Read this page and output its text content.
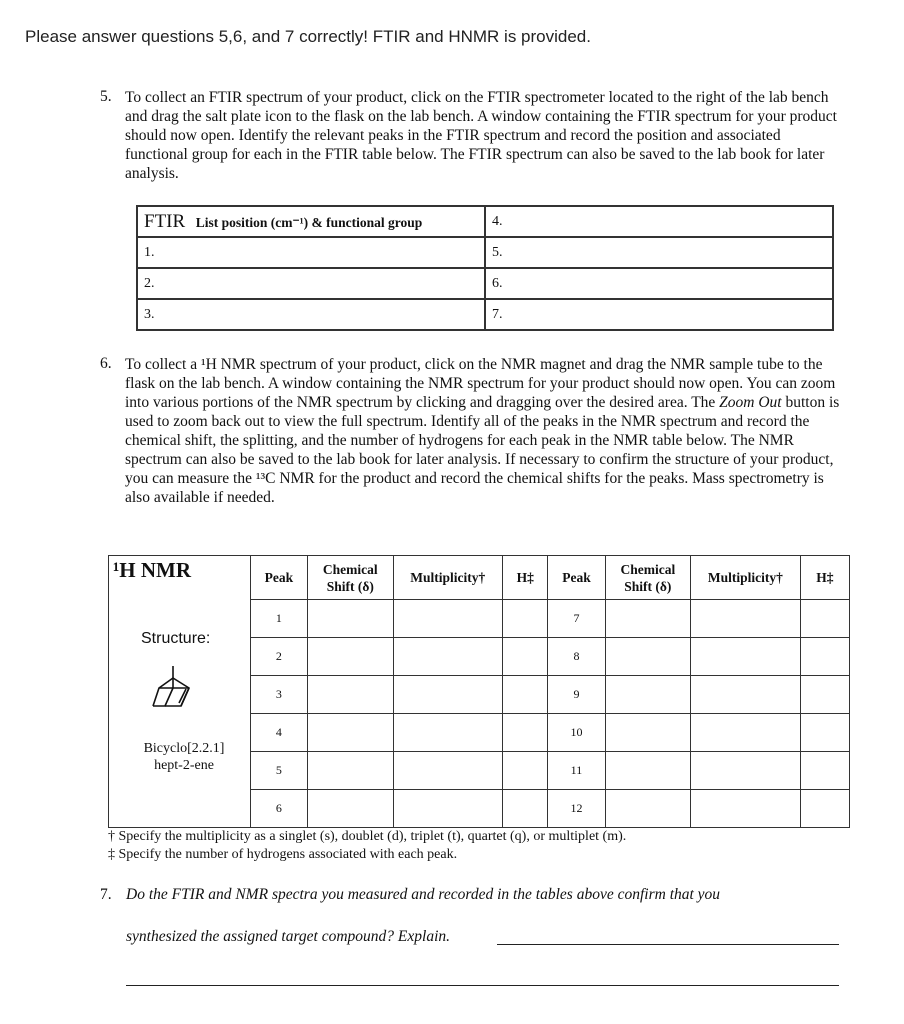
Please answer questions 5,6, and 7 correctly! FTIR and HNMR is provided.
5. To collect an FTIR spectrum of your product, click on the FTIR spectrometer located to the right of the lab bench and drag the salt plate icon to the flask on the lab bench. A window containing the FTIR spectrum for your product should now open. Identify the relevant peaks in the FTIR spectrum and record the position and associated functional group for each in the FTIR table below. The FTIR spectrum can also be saved to the lab book for later analysis.
FTIR List position (cm⁻¹) & functional group	4.
1.	5.
2.	6.
3.	7.
6. To collect a ¹H NMR spectrum of your product, click on the NMR magnet and drag the NMR sample tube to the flask on the lab bench. A window containing the NMR spectrum for your product should now open. You can zoom into various portions of the NMR spectrum by clicking and dragging over the desired area. The Zoom Out button is used to zoom back out to view the full spectrum. Identify all of the peaks in the NMR spectrum and record the chemical shift, the splitting, and the number of hydrogens for each peak in the NMR table below. The NMR spectrum can also be saved to the lab book for later analysis. If necessary to confirm the structure of your product, you can measure the ¹³C NMR for the product and record the chemical shifts for the peaks. Mass spectrometry is also available if needed.
¹H NMR
Structure:
Bicyclo[2.2.1] hept-2-ene	Peak	Chemical Shift (δ)	Multiplicity†	H‡	Peak	Chemical Shift (δ)	Multiplicity†	H‡
	1				7			
	2				8			
	3				9			
	4				10			
	5				11			
	6				12			
† Specify the multiplicity as a singlet (s), doublet (d), triplet (t), quartet (q), or multiplet (m).
‡ Specify the number of hydrogens associated with each peak.
7. Do the FTIR and NMR spectra you measured and recorded in the tables above confirm that you
synthesized the assigned target compound? Explain.
